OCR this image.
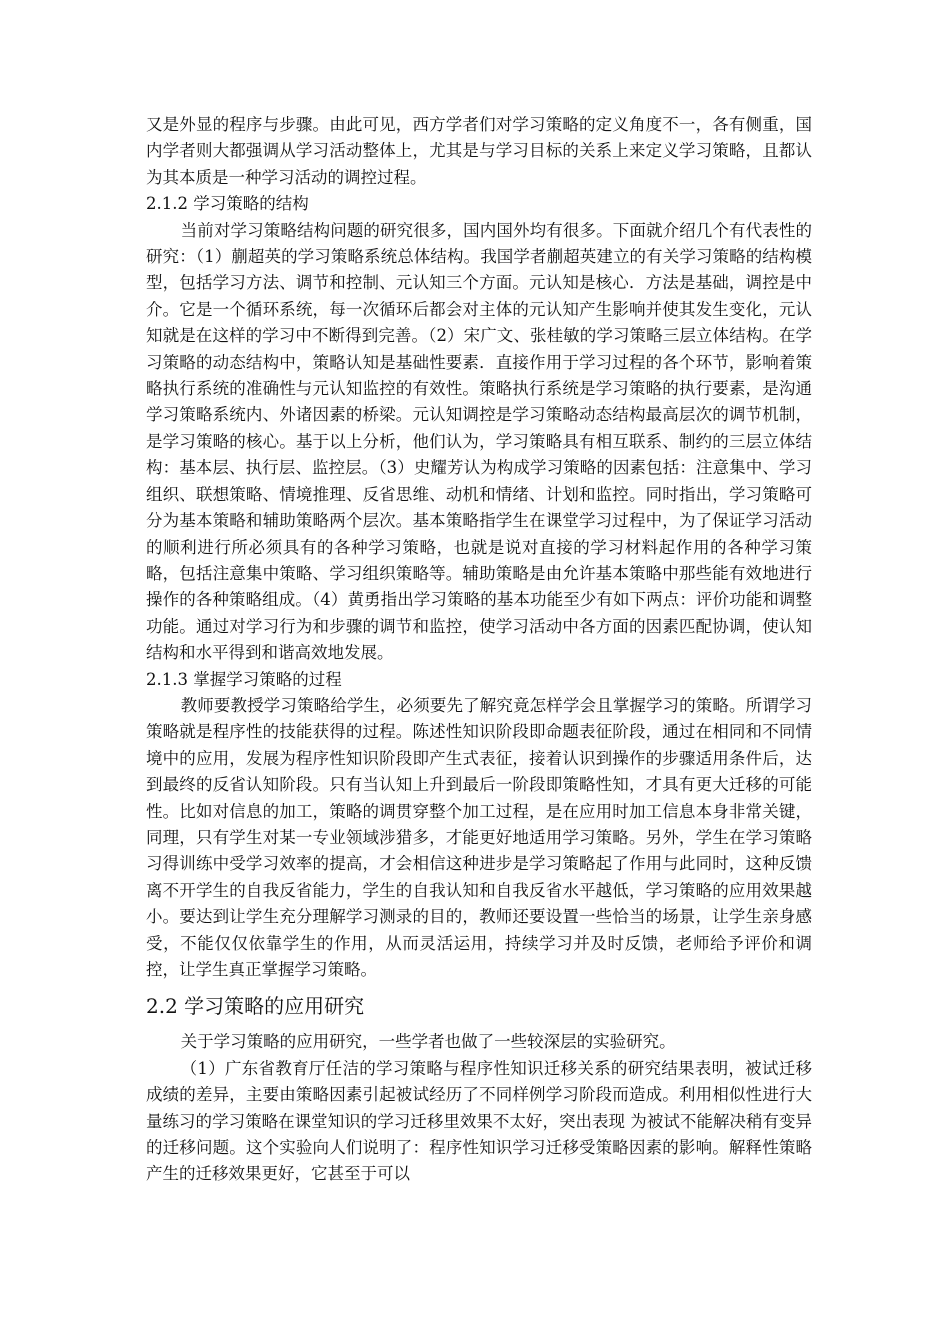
又是外显的程序与步骤。由此可见，西方学者们对学习策略的定义角度不一，各有侧重，国内学者则大都强调从学习活动整体上，尤其是与学习目标的关系上来定义学习策略，且都认为其本质是一种学习活动的调控过程。

2.1.2 学习策略的结构

当前对学习策略结构问题的研究很多，国内国外均有很多。下面就介绍几个有代表性的研究：（1）蒯超英的学习策略系统总体结构。我国学者蒯超英建立的有关学习策略的结构模型，包括学习方法、调节和控制、元认知三个方面。元认知是核心．方法是基础，调控是中介。它是一个循环系统，每一次循环后都会对主体的元认知产生影响并使其发生变化，元认知就是在这样的学习中不断得到完善。（2）宋广文、张桂敏的学习策略三层立体结构。在学习策略的动态结构中，策略认知是基础性要素．直接作用于学习过程的各个环节，影响着策略执行系统的准确性与元认知监控的有效性。策略执行系统是学习策略的执行要素，是沟通学习策略系统内、外诸因素的桥梁。元认知调控是学习策略动态结构最高层次的调节机制，是学习策略的核心。基于以上分析，他们认为，学习策略具有相互联系、制约的三层立体结构：基本层、执行层、监控层。（3）史耀芳认为构成学习策略的因素包括：注意集中、学习组织、联想策略、情境推理、反省思维、动机和情绪、计划和监控。同时指出，学习策略可分为基本策略和辅助策略两个层次。基本策略指学生在课堂学习过程中，为了保证学习活动的顺利进行所必须具有的各种学习策略，也就是说对直接的学习材料起作用的各种学习策略，包括注意集中策略、学习组织策略等。辅助策略是由允许基本策略中那些能有效地进行操作的各种策略组成。（4）黄勇指出学习策略的基本功能至少有如下两点：评价功能和调整功能。通过对学习行为和步骤的调节和监控，使学习活动中各方面的因素匹配协调，使认知结构和水平得到和谐高效地发展。

2.1.3 掌握学习策略的过程

教师要教授学习策略给学生，必须要先了解究竟怎样学会且掌握学习的策略。所谓学习策略就是程序性的技能获得的过程。陈述性知识阶段即命题表征阶段，通过在相同和不同情境中的应用，发展为程序性知识阶段即产生式表征，接着认识到操作的步骤适用条件后，达到最终的反省认知阶段。只有当认知上升到最后一阶段即策略性知，才具有更大迁移的可能性。比如对信息的加工，策略的调贯穿整个加工过程，是在应用时加工信息本身非常关键，同理，只有学生对某一专业领域涉猎多，才能更好地适用学习策略。另外，学生在学习策略习得训练中受学习效率的提高，才会相信这种进步是学习策略起了作用与此同时，这种反馈离不开学生的自我反省能力，学生的自我认知和自我反省水平越低，学习策略的应用效果越小。要达到让学生充分理解学习测录的目的，教师还要设置一些恰当的场景，让学生亲身感受，不能仅仅依靠学生的作用，从而灵活运用，持续学习并及时反馈，老师给予评价和调控，让学生真正掌握学习策略。

2.2 学习策略的应用研究

关于学习策略的应用研究，一些学者也做了一些较深层的实验研究。

（1）广东省教育厅任洁的学习策略与程序性知识迁移关系的研究结果表明，被试迁移成绩的差异，主要由策略因素引起被试经历了不同样例学习阶段而造成。利用相似性进行大量练习的学习策略在课堂知识的学习迁移里效果不太好，突出表现 为被试不能解决稍有变异的迁移问题。这个实验向人们说明了：程序性知识学习迁移受策略因素的影响。解释性策略产生的迁移效果更好，它甚至于可以
